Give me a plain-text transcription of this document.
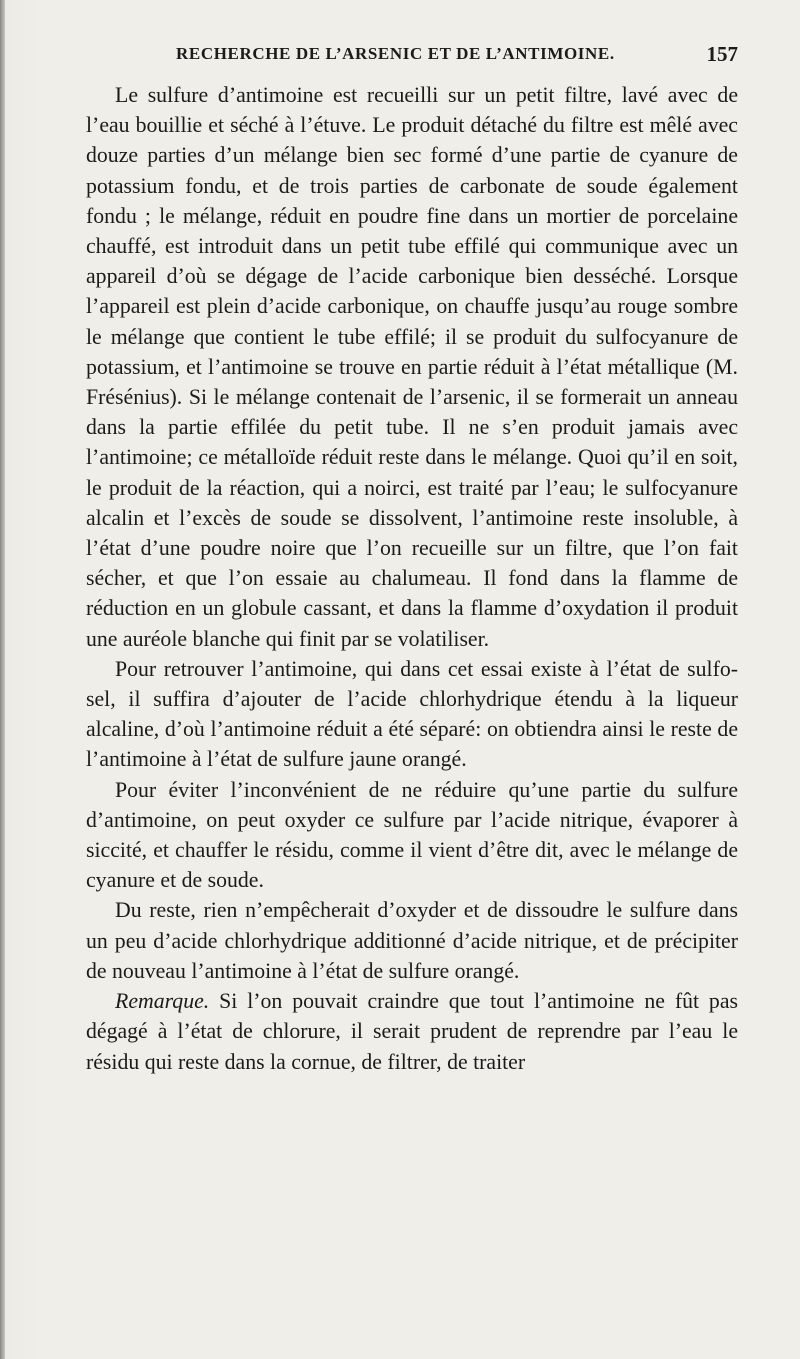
RECHERCHE DE L’ARSENIC ET DE L’ANTIMOINE.	157

Le sulfure d’antimoine est recueilli sur un petit filtre, lavé avec de l’eau bouillie et séché à l’étuve. Le produit détaché du filtre est mêlé avec douze parties d’un mélange bien sec formé d’une partie de cyanure de potassium fondu, et de trois parties de carbonate de soude également fondu ; le mélange, réduit en poudre fine dans un mortier de porcelaine chauffé, est introduit dans un petit tube effilé qui communique avec un appareil d’où se dégage de l’acide carbonique bien desséché. Lorsque l’appareil est plein d’acide carbonique, on chauffe jusqu’au rouge sombre le mélange que contient le tube effilé; il se produit du sulfocyanure de potassium, et l’antimoine se trouve en partie réduit à l’état métallique (M. Frésénius). Si le mélange contenait de l’arsenic, il se formerait un anneau dans la partie effilée du petit tube. Il ne s’en produit jamais avec l’antimoine; ce métalloïde réduit reste dans le mélange. Quoi qu’il en soit, le produit de la réaction, qui a noirci, est traité par l’eau; le sulfocyanure alcalin et l’excès de soude se dissolvent, l’antimoine reste insoluble, à l’état d’une poudre noire que l’on recueille sur un filtre, que l’on fait sécher, et que l’on essaie au chalumeau. Il fond dans la flamme de réduction en un globule cassant, et dans la flamme d’oxydation il produit une auréole blanche qui finit par se volatiliser.

Pour retrouver l’antimoine, qui dans cet essai existe à l’état de sulfo-sel, il suffira d’ajouter de l’acide chlorhydrique étendu à la liqueur alcaline, d’où l’antimoine réduit a été séparé: on obtiendra ainsi le reste de l’antimoine à l’état de sulfure jaune orangé.

Pour éviter l’inconvénient de ne réduire qu’une partie du sulfure d’antimoine, on peut oxyder ce sulfure par l’acide nitrique, évaporer à siccité, et chauffer le résidu, comme il vient d’être dit, avec le mélange de cyanure et de soude.

Du reste, rien n’empêcherait d’oxyder et de dissoudre le sulfure dans un peu d’acide chlorhydrique additionné d’acide nitrique, et de précipiter de nouveau l’antimoine à l’état de sulfure orangé.

Remarque. Si l’on pouvait craindre que tout l’antimoine ne fût pas dégagé à l’état de chlorure, il serait prudent de reprendre par l’eau le résidu qui reste dans la cornue, de filtrer, de traiter
